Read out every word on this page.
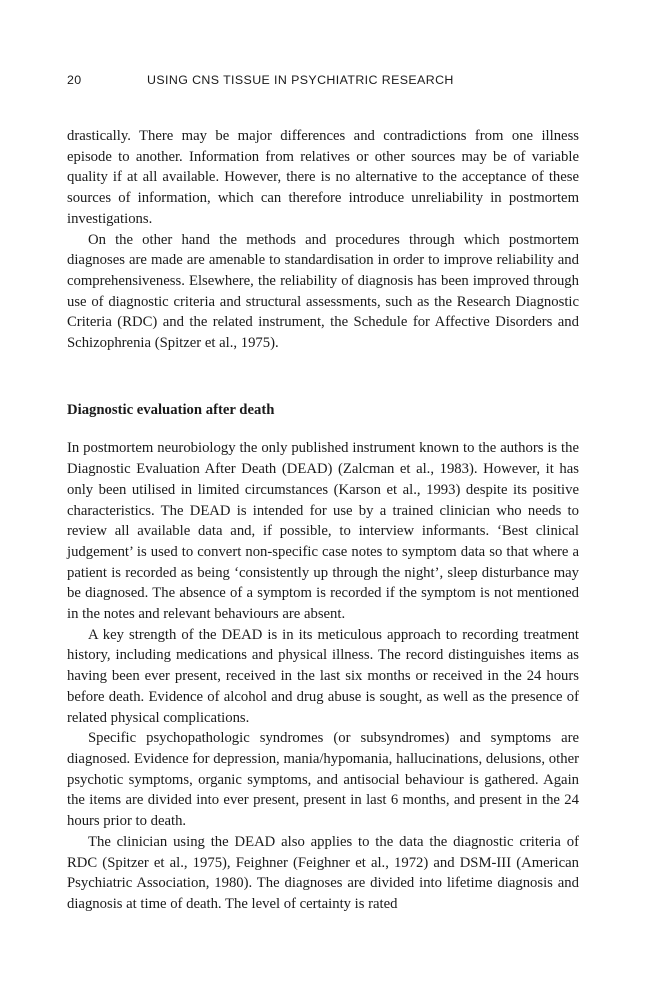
20	USING CNS TISSUE IN PSYCHIATRIC RESEARCH

drastically. There may be major differences and contradictions from one illness episode to another. Information from relatives or other sources may be of variable quality if at all available. However, there is no alternative to the acceptance of these sources of information, which can therefore introduce unreliability in postmortem investigations.

On the other hand the methods and procedures through which postmortem diagnoses are made are amenable to standardisation in order to improve reliability and comprehensiveness. Elsewhere, the reliability of diagnosis has been improved through use of diagnostic criteria and structural assessments, such as the Research Diagnostic Criteria (RDC) and the related instrument, the Schedule for Affective Disorders and Schizophrenia (Spitzer et al., 1975).

Diagnostic evaluation after death

In postmortem neurobiology the only published instrument known to the authors is the Diagnostic Evaluation After Death (DEAD) (Zalcman et al., 1983). However, it has only been utilised in limited circumstances (Karson et al., 1993) despite its positive characteristics. The DEAD is intended for use by a trained clinician who needs to review all available data and, if possible, to interview informants. ‘Best clinical judgement’ is used to convert non-specific case notes to symptom data so that where a patient is recorded as being ‘consistently up through the night’, sleep disturbance may be diagnosed. The absence of a symptom is recorded if the symptom is not mentioned in the notes and relevant behaviours are absent.

A key strength of the DEAD is in its meticulous approach to recording treatment history, including medications and physical illness. The record distinguishes items as having been ever present, received in the last six months or received in the 24 hours before death. Evidence of alcohol and drug abuse is sought, as well as the presence of related physical complications.

Specific psychopathologic syndromes (or subsyndromes) and symptoms are diagnosed. Evidence for depression, mania/hypomania, hallucinations, delusions, other psychotic symptoms, organic symptoms, and antisocial behaviour is gathered. Again the items are divided into ever present, present in last 6 months, and present in the 24 hours prior to death.

The clinician using the DEAD also applies to the data the diagnostic criteria of RDC (Spitzer et al., 1975), Feighner (Feighner et al., 1972) and DSM-III (American Psychiatric Association, 1980). The diagnoses are divided into lifetime diagnosis and diagnosis at time of death. The level of certainty is rated
